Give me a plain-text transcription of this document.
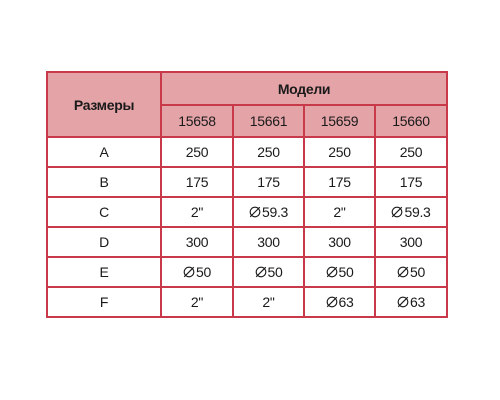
Размеры	Модели			
	15658	15661	15659	15660
A	250	250	250	250
B	175	175	175	175
C	2"	59.3	2"	59.3
D	300	300	300	300
E	50	50	50	50
F	2"	2"	63	63
